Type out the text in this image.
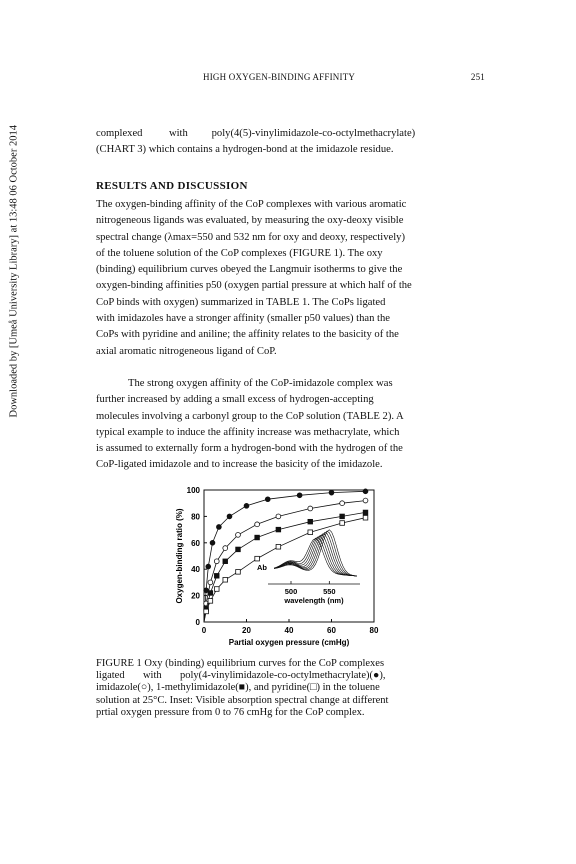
HIGH OXYGEN-BINDING AFFINITY	251
Downloaded by [Umeå University Library] at 13:48 06 October 2014	complexed          with         poly(4(5)-vinylimidazole-co-octylmethacrylate)
(CHART 3) which contains a hydrogen-bond at the imidazole residue.
RESULTS AND DISCUSSION
The oxygen-binding affinity of the CoP complexes with various aromatic
nitrogeneous ligands was evaluated, by measuring the oxy-deoxy visible
spectral change (λmax=550 and 532 nm for oxy and deoxy, respectively)
of the toluene solution of the CoP complexes (FIGURE 1). The oxy
(binding) equilibrium curves obeyed the Langmuir isotherms to give the
oxygen-binding affinities p50 (oxygen partial pressure at which half of the
CoP binds with oxygen) summarized in TABLE 1. The CoPs ligated
with imidazoles have a stronger affinity (smaller p50 values) than the
CoPs with pyridine and aniline; the affinity relates to the basicity of the
axial aromatic nitrogeneous ligand of CoP.
The strong oxygen affinity of the CoP-imidazole complex was
further increased by adding a small excess of hydrogen-accepting
molecules involving a carbonyl group to the CoP solution (TABLE 2). A
typical example to induce the affinity increase was methacrylate, which
is assumed to externally form a hydrogen-bond with the hydrogen of the
CoP-ligated imidazole and to increase the basicity of the imidazole.
0
20
40
60
80
100
0	20	40	60	80
Partial oxygen pressure (cmHg)
Oxygen-binding ratio (%)	500	550
wavelength (nm)
Ab
FIGURE 1 Oxy (binding) equilibrium curves for the CoP complexes
ligated       with       poly(4-vinylimidazole-co-octylmethacrylate)(●),
imidazole(○), 1-methylimidazole(■), and pyridine(□) in the toluene
solution at 25°C. Inset: Visible absorption spectral change at different
prtial oxygen pressure from 0 to 76 cmHg for the CoP complex.
